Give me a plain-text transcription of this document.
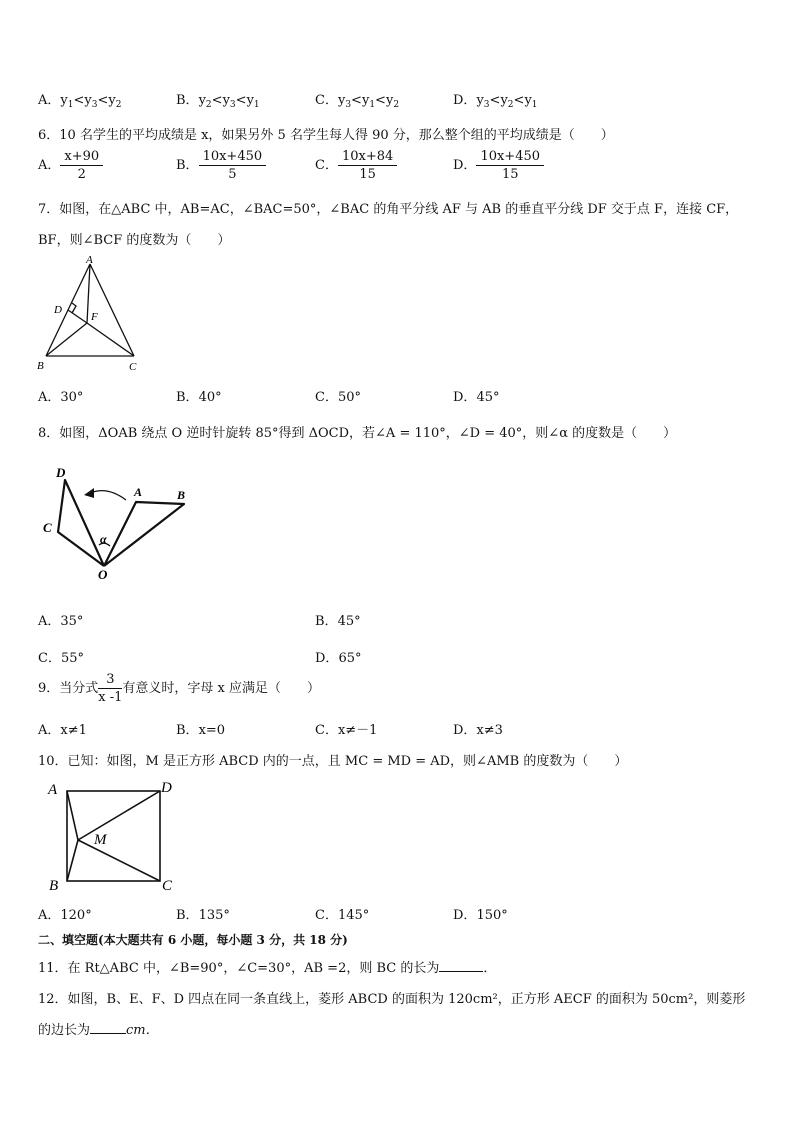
A．$y_1<y_3<y_2$	B．$y_2<y_3<y_1$	C．$y_3<y_1<y_2$	D．$y_3<y_2<y_1$
6．10 名学生的平均成绩是 x，如果另外 5 名学生每人得 90 分，那么整个组的平均成绩是（　　）
A． $\frac{x+90}{2}$	B． $\frac{10x+450}{5}$	C． $\frac{10x+84}{15}$	D． $\frac{10x+450}{15}$
7．如图，在△ABC 中，AB=AC，∠BAC=50°，∠BAC 的角平分线 AF 与 AB 的垂直平分线 DF 交于点 F，连接 CF，
BF，则∠BCF 的度数为（　　）
A
B	C
D
F
A．30°	B．40°	C．50°	D．45°
8．如图，ΔOAB 绕点 O 逆时针旋转 85°得到 ΔOCD，若∠A = 110°，∠D = 40°，则∠α 的度数是（　　）
D
C
A	B
O
α
A．35°	B．45°
C．55°	D．65°
9．当分式 $\frac{3}{x -1}$ 有意义时，字母 x 应满足（　　）
A．x≠1	B．x=0	C．x≠－1	D．x≠3
10．已知：如图，M 是正方形 ABCD 内的一点，且 MC = MD = AD，则∠AMB 的度数为（　　）
A	D
B	C
M
A．120°	B．135°	C．145°	D．150°
二、填空题(本大题共有 6 小题，每小题 3 分，共 18 分)
11．在 Rt△ABC 中，∠B=90°，∠C=30°，AB =2，则 BC 的长为	．
12．如图，B、E、F、D 四点在同一条直线上，菱形 ABCD 的面积为 120cm²，正方形 AECF 的面积为 50cm²，则菱形
的边长为	cm．
